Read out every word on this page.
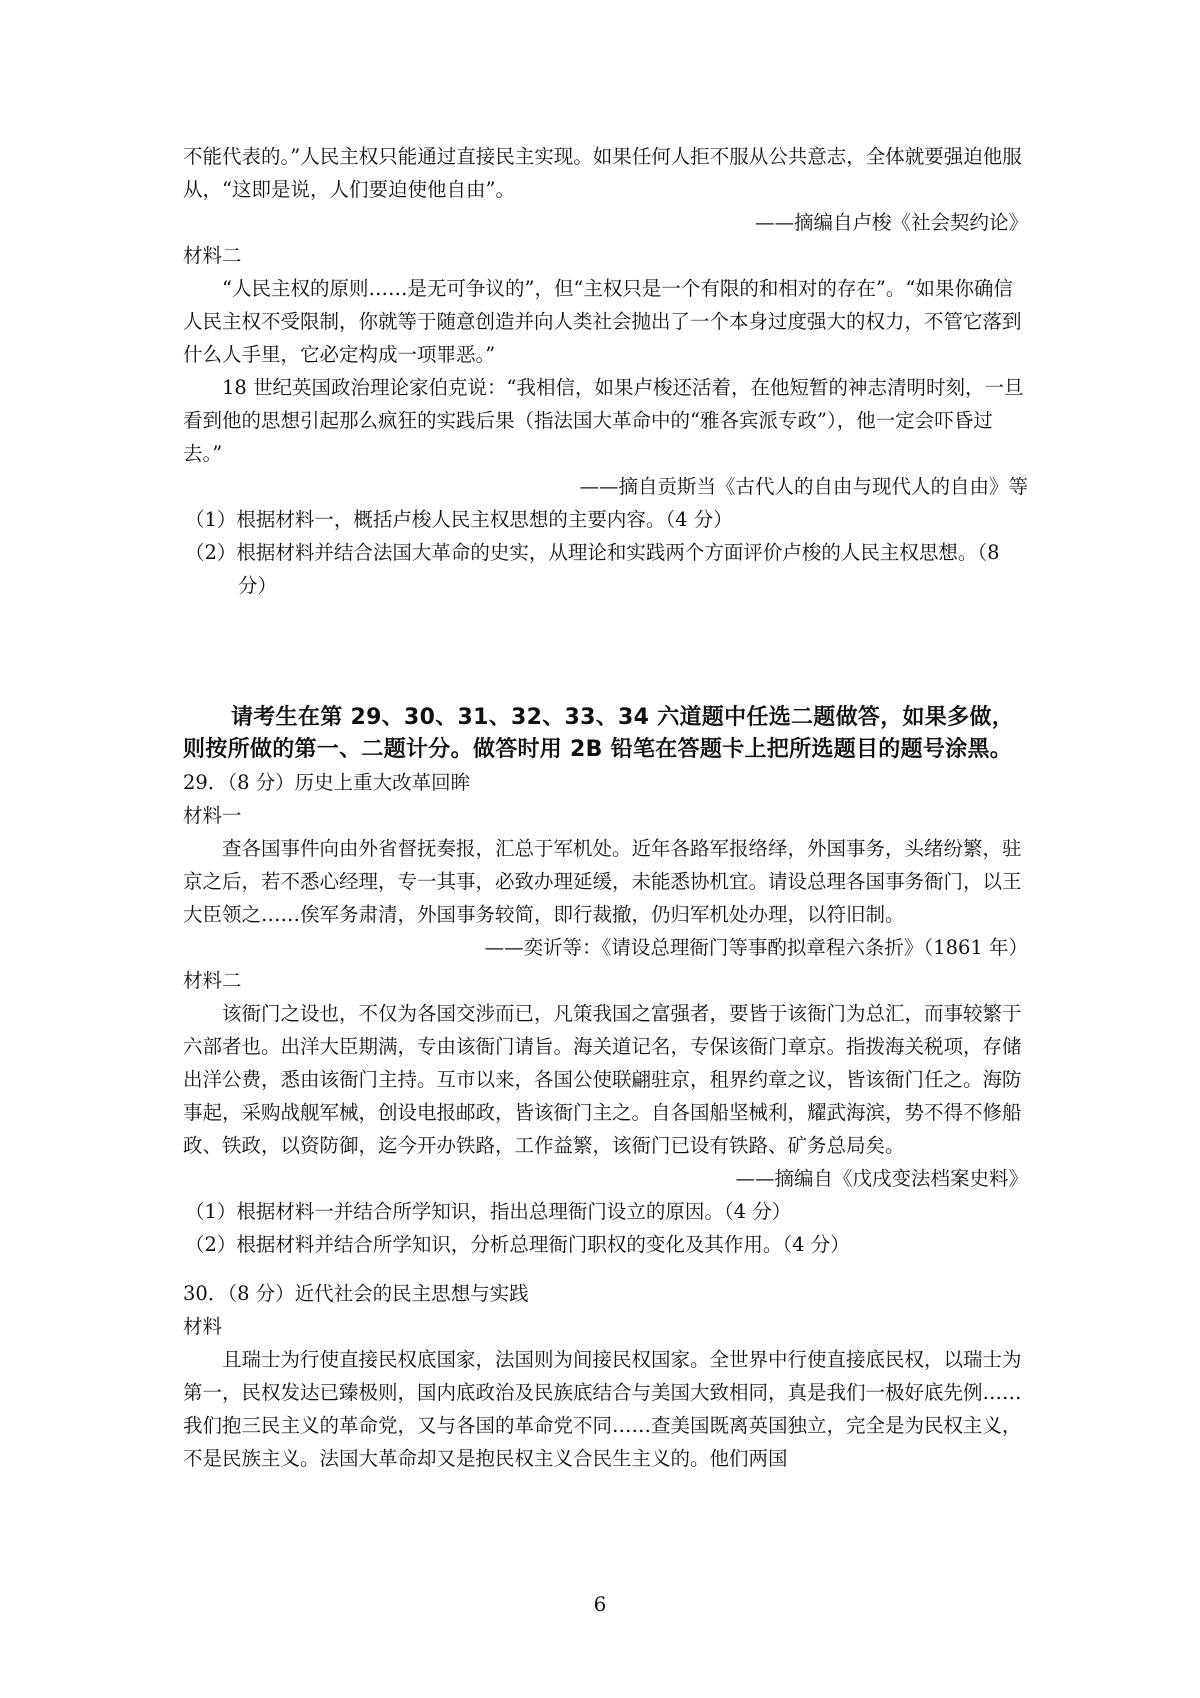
不能代表的。”人民主权只能通过直接民主实现。如果任何人拒不服从公共意志，全体就要强迫他服从，“这即是说，人们要迫使他自由”。

——摘编自卢梭《社会契约论》

材料二

“人民主权的原则……是无可争议的”，但“主权只是一个有限的和相对的存在”。“如果你确信人民主权不受限制，你就等于随意创造并向人类社会抛出了一个本身过度强大的权力，不管它落到什么人手里，它必定构成一项罪恶。”

18 世纪英国政治理论家伯克说：“我相信，如果卢梭还活着，在他短暂的神志清明时刻，一旦看到他的思想引起那么疯狂的实践后果（指法国大革命中的“雅各宾派专政”），他一定会吓昏过去。”

——摘自贡斯当《古代人的自由与现代人的自由》等

（1）根据材料一，概括卢梭人民主权思想的主要内容。（4 分）

（2）根据材料并结合法国大革命的史实，从理论和实践两个方面评价卢梭的人民主权思想。（8 分）

请考生在第 29、30、31、32、33、34 六道题中任选二题做答，如果多做，则按所做的第一、二题计分。做答时用 2B 铅笔在答题卡上把所选题目的题号涂黑。

29．（8 分）历史上重大改革回眸

材料一

查各国事件向由外省督抚奏报，汇总于军机处。近年各路军报络绎，外国事务，头绪纷繁，驻京之后，若不悉心经理，专一其事，必致办理延缓，未能悉协机宜。请设总理各国事务衙门，以王大臣领之……俟军务肃清，外国事务较简，即行裁撤，仍归军机处办理，以符旧制。

——奕䜣等：《请设总理衙门等事酌拟章程六条折》（1861 年）

材料二

该衙门之设也，不仅为各国交涉而已，凡策我国之富强者，要皆于该衙门为总汇，而事较繁于六部者也。出洋大臣期满，专由该衙门请旨。海关道记名，专保该衙门章京。指拨海关税项，存储出洋公费，悉由该衙门主持。互市以来，各国公使联翩驻京，租界约章之议，皆该衙门任之。海防事起，采购战舰军械，创设电报邮政，皆该衙门主之。自各国船坚械利，耀武海滨，势不得不修船政、铁政，以资防御，迄今开办铁路，工作益繁，该衙门已设有铁路、矿务总局矣。

——摘编自《戊戌变法档案史料》

（1）根据材料一并结合所学知识，指出总理衙门设立的原因。（4 分）

（2）根据材料并结合所学知识，分析总理衙门职权的变化及其作用。（4 分）

30．（8 分）近代社会的民主思想与实践

材料

且瑞士为行使直接民权底国家，法国则为间接民权国家。全世界中行使直接底民权，以瑞士为第一，民权发达已臻极则，国内底政治及民族底结合与美国大致相同，真是我们一极好底先例……我们抱三民主义的革命党，又与各国的革命党不同……查美国既离英国独立，完全是为民权主义，不是民族主义。法国大革命却又是抱民权主义合民生主义的。他们两国

6
